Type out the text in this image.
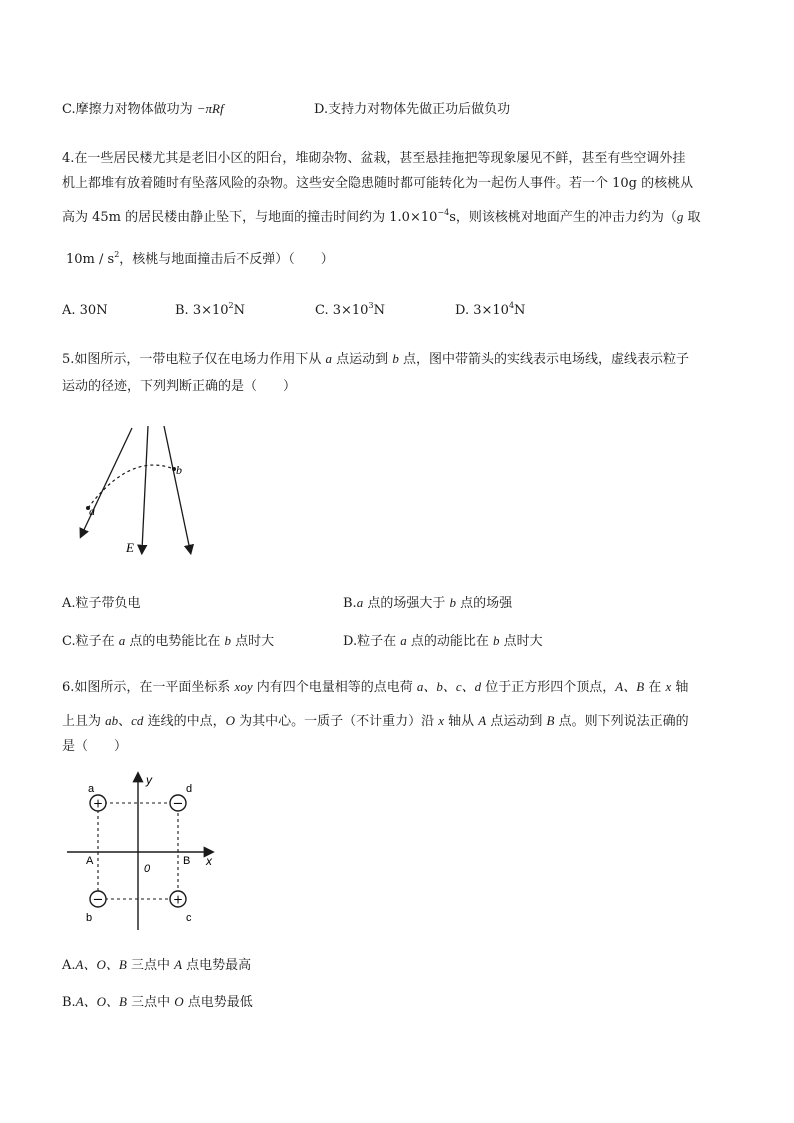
C.摩擦力对物体做功为 −πRf	D.支持力对物体先做正功后做负功
4.在一些居民楼尤其是老旧小区的阳台，堆砌杂物、盆栽，甚至悬挂拖把等现象屡见不鲜，甚至有些空调外挂
机上都堆有放着随时有坠落风险的杂物。这些安全隐患随时都可能转化为一起伤人事件。若一个 10g 的核桃从
高为 45m 的居民楼由静止坠下，与地面的撞击时间约为 $1.0\times 10^{-4}s$，则该核桃对地面产生的冲击力约为（g 取
$10m / s^2$，核桃与地面撞击后不反弹）（　　）
A. 30N	B. $3\times 10^2N$	C. $3\times 10^3N$	D. $3\times 10^4N$
5.如图所示，一带电粒子仅在电场力作用下从 a 点运动到 b 点，图中带箭头的实线表示电场线，虚线表示粒子
运动的径迹，下列判断正确的是（　　）
a
b
E
A.粒子带负电	B.a 点的场强大于 b 点的场强
C.粒子在 a 点的电势能比在 b 点时大	D.粒子在 a 点的动能比在 b 点时大
6.如图所示，在一平面坐标系 xoy 内有四个电量相等的点电荷 a、b、c、d 位于正方形四个顶点，A、B 在 x 轴
上且为 ab、cd 连线的中点，O 为其中心。一质子（不计重力）沿 x 轴从 A 点运动到 B 点。则下列说法正确的
是（　　）
+	−
−	+
a	d
b	c
A	B
0
x
y
A.A、O、B 三点中 A 点电势最高
B.A、O、B 三点中 O 点电势最低
